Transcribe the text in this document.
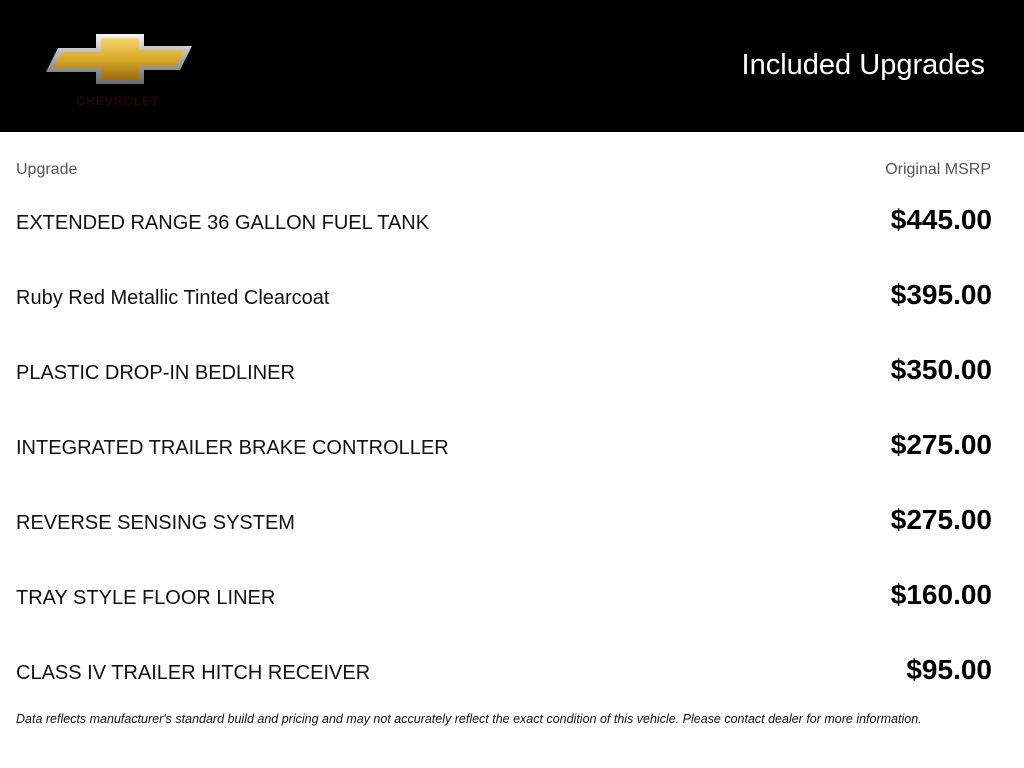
CHEVROLET
Included Upgrades
Upgrade	Original MSRP
EXTENDED RANGE 36 GALLON FUEL TANK	$445.00
Ruby Red Metallic Tinted Clearcoat	$395.00
PLASTIC DROP-IN BEDLINER	$350.00
INTEGRATED TRAILER BRAKE CONTROLLER	$275.00
REVERSE SENSING SYSTEM	$275.00
TRAY STYLE FLOOR LINER	$160.00
CLASS IV TRAILER HITCH RECEIVER	$95.00
Data reflects manufacturer's standard build and pricing and may not accurately reflect the exact condition of this vehicle. Please contact dealer for more information.
